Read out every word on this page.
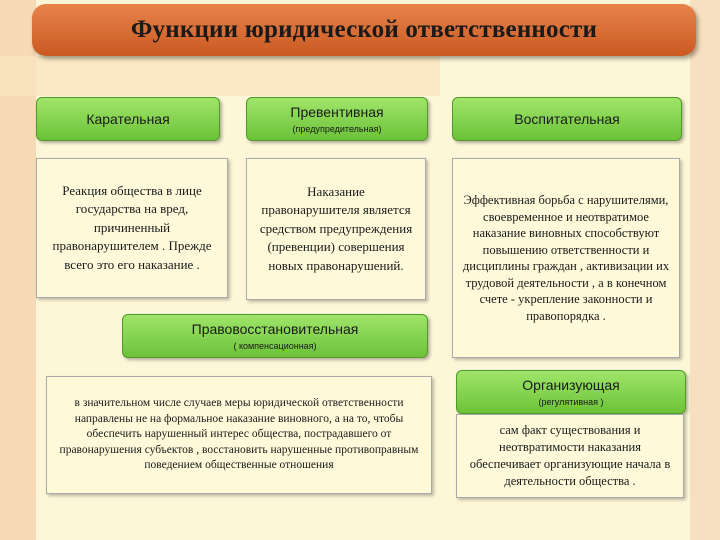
Функции юридической ответственности
Карательная
Реакция общества в лице государства на вред, причиненный правонарушителем . Прежде всего это его наказание .
Превентивная
(предупредительная)
Наказание правонарушителя является средством предупреждения (превенции) совершения новых правонарушений.
Воспитательная
Эффективная борьба с нарушителями, своевременное и неотвратимое наказание виновных способствуют повышению ответственности и дисциплины граждан , активизации их трудовой деятельности , а в конечном счете - укрепление законности и правопорядка .
Правовосстановительная
( компенсационная)
в значительном числе случаев меры юридической ответственности направлены не на формальное наказание виновного, а на то, чтобы обеспечить нарушенный интерес общества, пострадавшего от правонарушения субъектов , восстановить нарушенные противоправным поведением общественные отношения
Организующая
(регулятивная )
сам факт существования и неотвратимости наказания обеспечивает организующие начала в деятельности общества .
